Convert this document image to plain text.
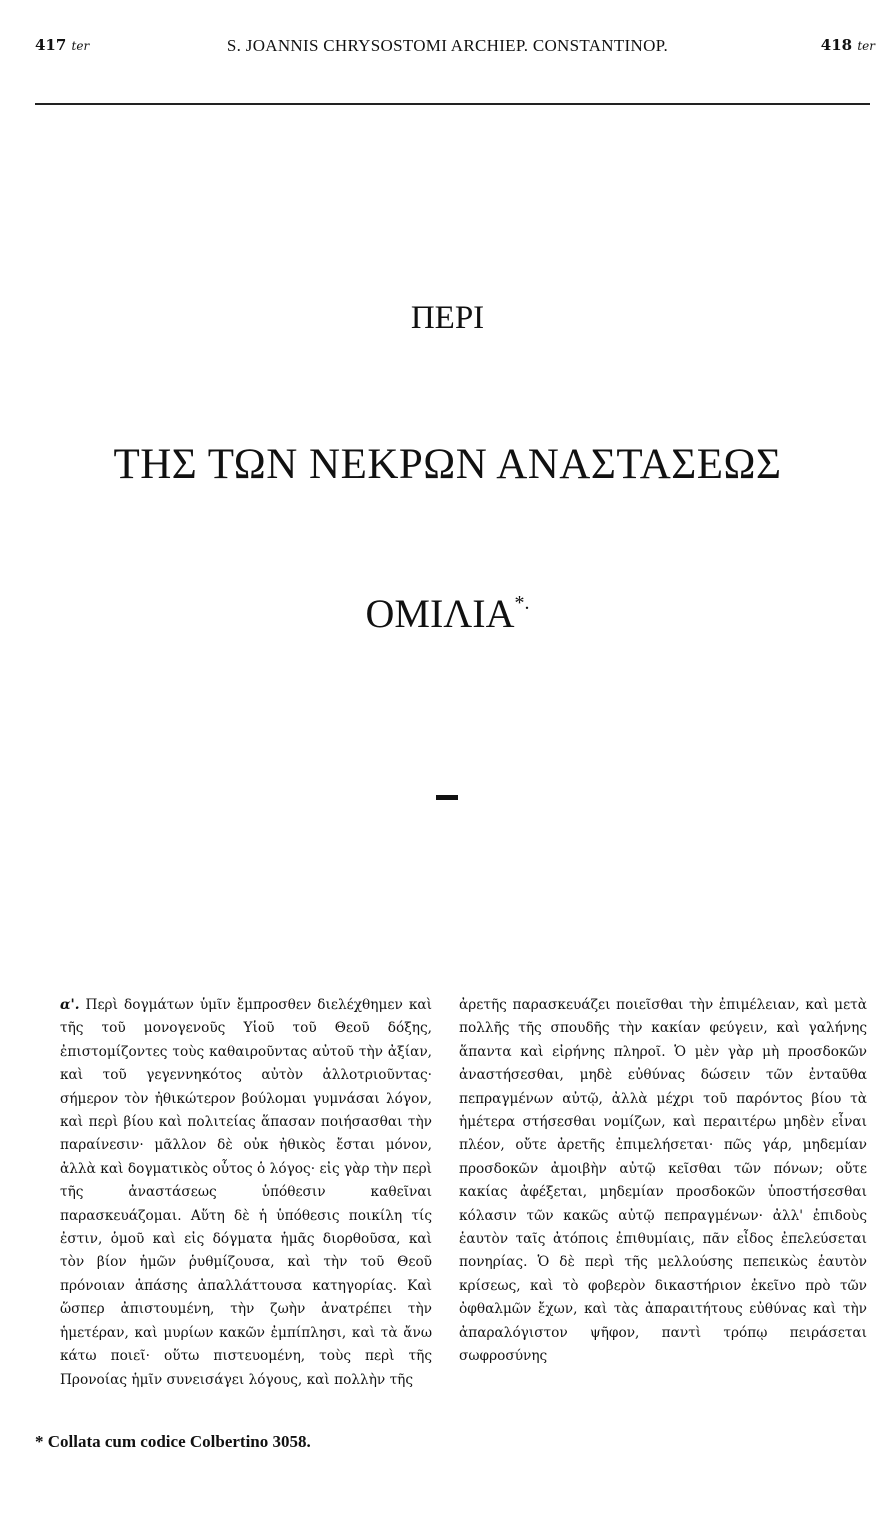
417 ter	S. JOANNIS CHRYSOSTOMI ARCHIEP. CONSTANTINOP.	418 ter
ΠΕΡΙ
ΤΗΣ ΤΩΝ ΝΕΚΡΩΝ ΑΝΑΣΤΑΣΕΩΣ
ΟΜΙΛΙΑ*.

α'. Περὶ δογμάτων ὑμῖν ἔμπροσθεν διελέχθημεν καὶ τῆς τοῦ μονογενοῦς Υἱοῦ τοῦ Θεοῦ δόξης, ἐπιστομίζοντες τοὺς καθαιροῦντας αὐτοῦ τὴν ἀξίαν, καὶ τοῦ γεγεννηκότος αὐτὸν ἀλλοτριοῦντας· σήμερον τὸν ἠθικώτερον βούλομαι γυμνάσαι λόγον, καὶ περὶ βίου καὶ πολιτείας ἅπασαν ποιήσασθαι τὴν παραίνεσιν· μᾶλλον δὲ οὐκ ἠθικὸς ἔσται μόνον, ἀλλὰ καὶ δογματικὸς οὗτος ὁ λόγος· εἰς γὰρ τὴν περὶ τῆς ἀναστάσεως ὑπόθεσιν καθεῖναι παρασκευάζομαι. Αὕτη δὲ ἡ ὑπόθεσις ποικίλη τίς ἐστιν, ὁμοῦ καὶ εἰς δόγματα ἡμᾶς διορθοῦσα, καὶ τὸν βίον ἡμῶν ῥυθμίζουσα, καὶ τὴν τοῦ Θεοῦ πρόνοιαν ἁπάσης ἀπαλλάττουσα κατηγορίας. Καὶ ὥσπερ ἀπιστουμένη, τὴν ζωὴν ἀνατρέπει τὴν ἡμετέραν, καὶ μυρίων κακῶν ἐμπίπλησι, καὶ τὰ ἄνω κάτω ποιεῖ· οὕτω πιστευομένη, τοὺς περὶ τῆς Προνοίας ἡμῖν συνεισάγει λόγους, καὶ πολλὴν τῆς

ἀρετῆς παρασκευάζει ποιεῖσθαι τὴν ἐπιμέλειαν, καὶ μετὰ πολλῆς τῆς σπουδῆς τὴν κακίαν φεύγειν, καὶ γαλήνης ἅπαντα καὶ εἰρήνης πληροῖ. Ὁ μὲν γὰρ μὴ προσδοκῶν ἀναστήσεσθαι, μηδὲ εὐθύνας δώσειν τῶν ἐνταῦθα πεπραγμένων αὐτῷ, ἀλλὰ μέχρι τοῦ παρόντος βίου τὰ ἡμέτερα στήσεσθαι νομίζων, καὶ περαιτέρω μηδὲν εἶναι πλέον, οὔτε ἀρετῆς ἐπιμελήσεται· πῶς γάρ, μηδεμίαν προσδοκῶν ἀμοιβὴν αὐτῷ κεῖσθαι τῶν πόνων; οὔτε κακίας ἀφέξεται, μηδεμίαν προσδοκῶν ὑποστήσεσθαι κόλασιν τῶν κακῶς αὐτῷ πεπραγμένων· ἀλλ' ἐπιδοὺς ἑαυτὸν ταῖς ἀτόποις ἐπιθυμίαις, πᾶν εἶδος ἐπελεύσεται πονηρίας. Ὁ δὲ περὶ τῆς μελλούσης πεπεικὼς ἑαυτὸν κρίσεως, καὶ τὸ φοβερὸν δικαστήριον ἐκεῖνο πρὸ τῶν ὀφθαλμῶν ἔχων, καὶ τὰς ἀπαραιτήτους εὐθύνας καὶ τὴν ἀπαραλόγιστον ψῆφον, παντὶ τρόπῳ πειράσεται σωφροσύνης

* Collata cum codice Colbertino 3058.
